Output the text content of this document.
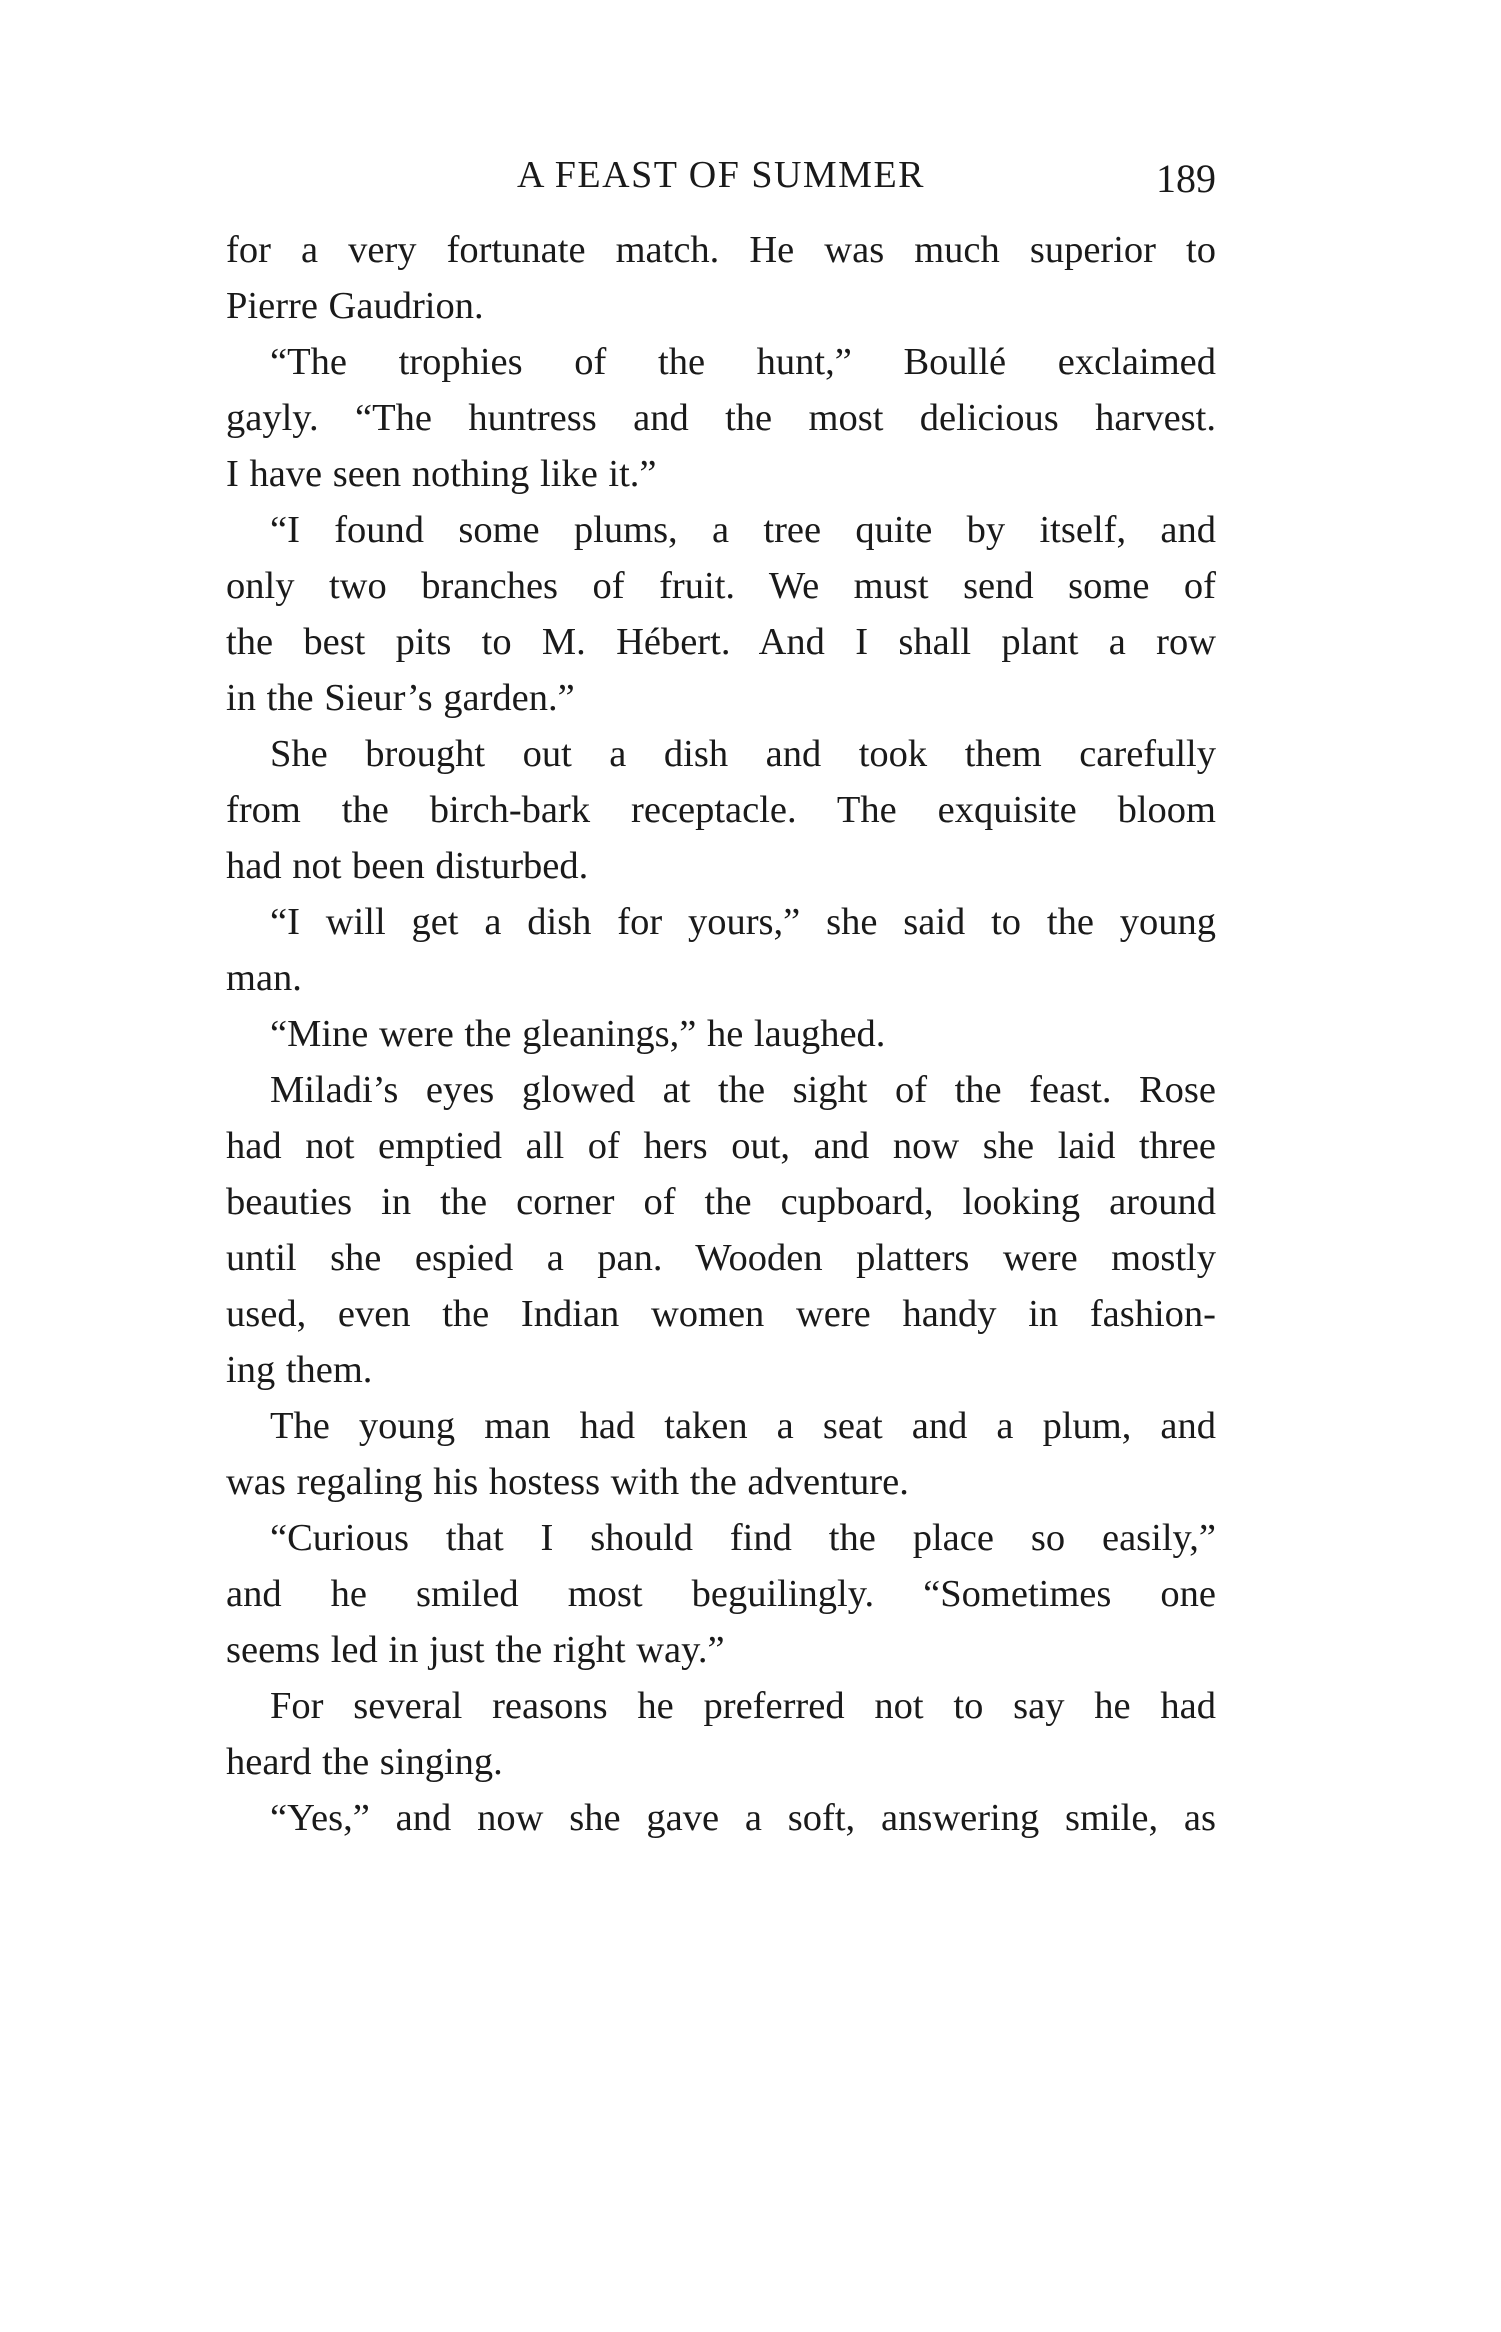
A FEAST OF SUMMER	189
for a very fortunate match. He was much superior to
Pierre Gaudrion.
“The trophies of the hunt,” Boullé exclaimed
gayly. “The huntress and the most delicious harvest.
I have seen nothing like it.”
“I found some plums, a tree quite by itself, and
only two branches of fruit. We must send some of
the best pits to M. Hébert. And I shall plant a row
in the Sieur’s garden.”
She brought out a dish and took them carefully
from the birch-bark receptacle. The exquisite bloom
had not been disturbed.
“I will get a dish for yours,” she said to the young
man.
“Mine were the gleanings,” he laughed.
Miladi’s eyes glowed at the sight of the feast. Rose
had not emptied all of hers out, and now she laid three
beauties in the corner of the cupboard, looking around
until she espied a pan. Wooden platters were mostly
used, even the Indian women were handy in fashion-
ing them.
The young man had taken a seat and a plum, and
was regaling his hostess with the adventure.
“Curious that I should find the place so easily,”
and he smiled most beguilingly. “Sometimes one
seems led in just the right way.”
For several reasons he preferred not to say he had
heard the singing.
“Yes,” and now she gave a soft, answering smile, as
